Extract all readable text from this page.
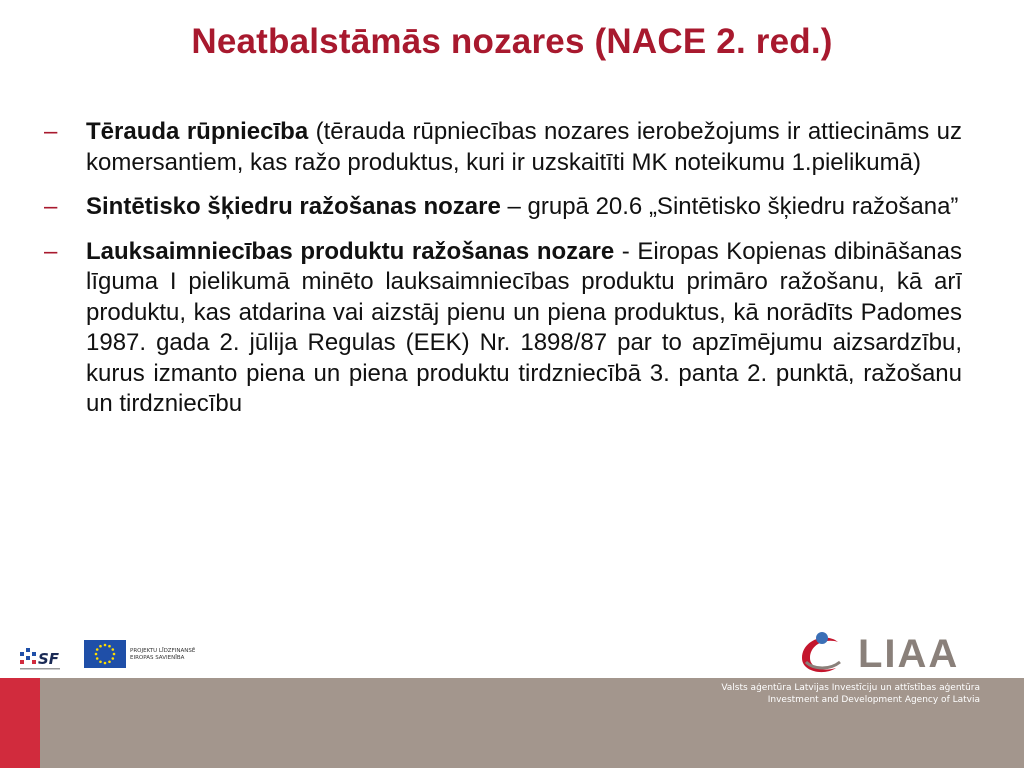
Neatbalstāmās nozares (NACE 2. red.)
– Tērauda rūpniecība (tērauda rūpniecības nozares ierobežojums ir attiecināms uz komersantiem, kas ražo produktus, kuri ir uzskaitīti MK noteikumu 1.pielikumā)
– Sintētisko šķiedru ražošanas nozare – grupā 20.6 „Sintētisko šķiedru ražošana”
– Lauksaimniecības produktu ražošanas nozare - Eiropas Kopienas dibināšanas līguma I pielikumā minēto lauksaimniecības produktu primāro ražošanu, kā arī produktu, kas atdarina vai aizstāj pienu un piena produktus, kā norādīts Padomes 1987. gada 2. jūlija Regulas (EEK) Nr. 1898/87 par to apzīmējumu aizsardzību, kurus izmanto piena un piena produktu tirdzniecībā 3. panta 2. punktā, ražošanu un tirdzniecību
SF	PROJEKTU LĪDZFINANSĒ
EIROPAS SAVIENĪBA	LIAA
Valsts aģentūra Latvijas Investīciju un attīstības aģentūra
Investment and Development Agency of Latvia
